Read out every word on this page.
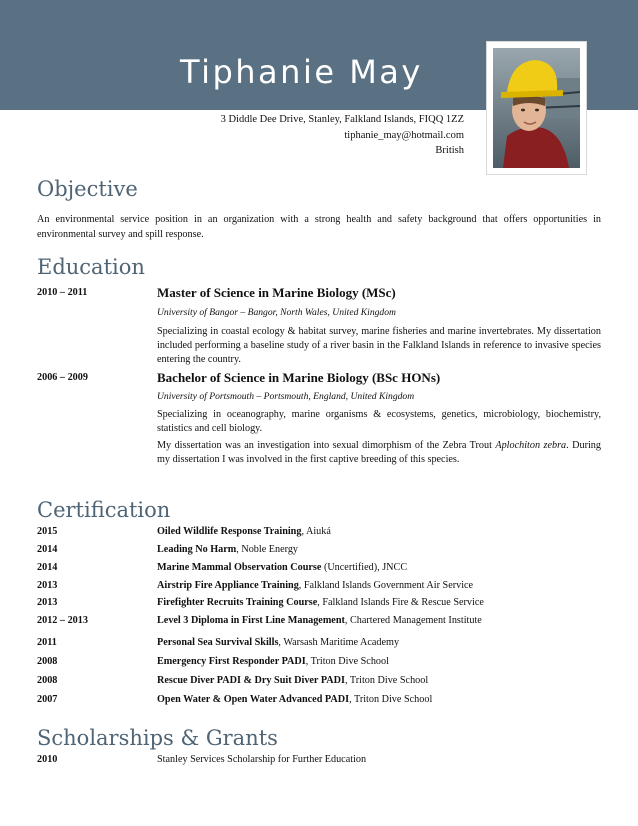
Tiphanie May
3 Diddle Dee Drive, Stanley, Falkland Islands, FIQQ 1ZZ
tiphanie_may@hotmail.com
British
Objective
An environmental service position in an organization with a strong health and safety background that offers opportunities in environmental survey and spill response.
Education
2010 – 2011	Master of Science in Marine Biology (MSc)
University of Bangor – Bangor, North Wales, United Kingdom
Specializing in coastal ecology & habitat survey, marine fisheries and marine invertebrates. My dissertation included performing a baseline study of a river basin in the Falkland Islands in reference to invasive species entering the country.
2006 – 2009	Bachelor of Science in Marine Biology (BSc HONs)
University of Portsmouth – Portsmouth, England, United Kingdom
Specializing in oceanography, marine organisms & ecosystems, genetics, microbiology, biochemistry, statistics and cell biology.
My dissertation was an investigation into sexual dimorphism of the Zebra Trout Aplochiton zebra. During my dissertation I was involved in the first captive breeding of this species.
Certification
2015	Oiled Wildlife Response Training, Aiuká
2014	Leading No Harm, Noble Energy
2014	Marine Mammal Observation Course (Uncertified), JNCC
2013	Airstrip Fire Appliance Training, Falkland Islands Government Air Service
2013	Firefighter Recruits Training Course, Falkland Islands Fire & Rescue Service
2012 – 2013	Level 3 Diploma in First Line Management, Chartered Management Institute
2011	Personal Sea Survival Skills, Warsash Maritime Academy
2008	Emergency First Responder PADI, Triton Dive School
2008	Rescue Diver PADI & Dry Suit Diver PADI, Triton Dive School
2007	Open Water & Open Water Advanced PADI, Triton Dive School
Scholarships & Grants
2010	Stanley Services Scholarship for Further Education
